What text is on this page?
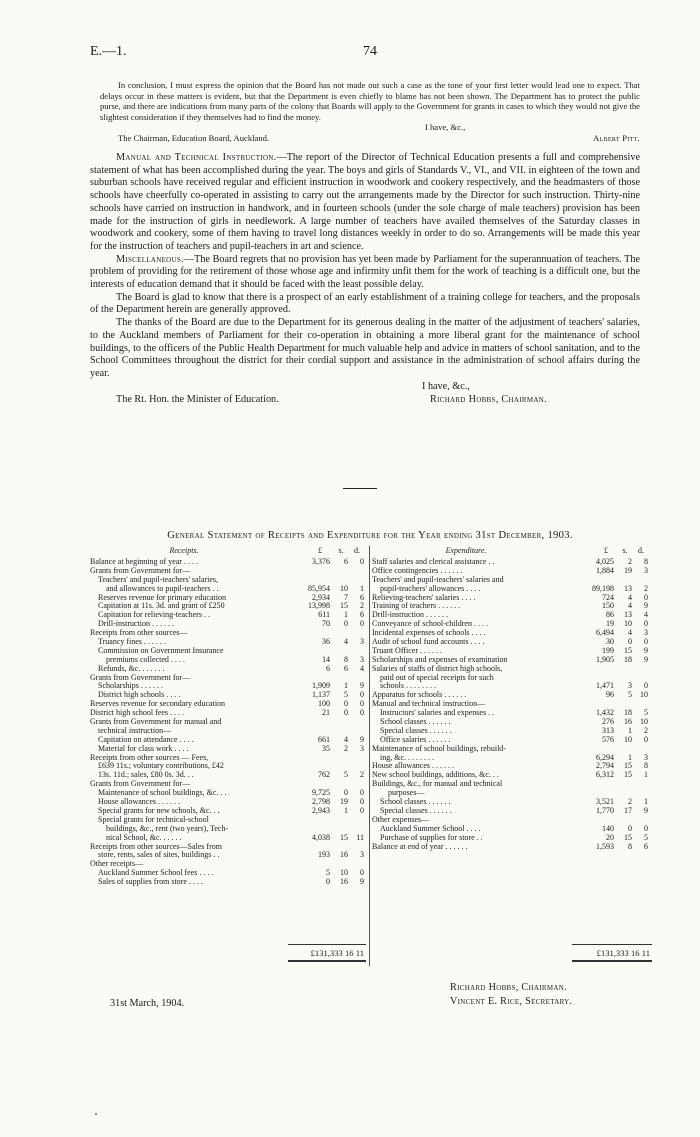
E.—1.	74

In conclusion, I must express the opinion that the Board has not made out such a case as the tone of your first letter would lead one to expect. That delays occur in these matters is evident, but that the Department is even chiefly to blame has not been shown. The Department has to protect the public purse, and there are indications from many parts of the colony that Boards will apply to the Government for grants in cases to which they would not give the slightest consideration if they themselves had to find the money.

I have, &c.,
The Chairman, Education Board, Auckland.	Albert Pitt.

Manual and Technical Instruction.—The report of the Director of Technical Education presents a full and comprehensive statement of what has been accomplished during the year. The boys and girls of Standards V., VI., and VII. in eighteen of the town and suburban schools have received regular and efficient instruction in woodwork and cookery respectively, and the headmasters of those schools have cheerfully co-operated in assisting to carry out the arrangements made by the Director for such instruction. Thirty-nine schools have carried on instruction in handwork, and in fourteen schools (under the sole charge of male teachers) provision has been made for the instruction of girls in needlework. A large number of teachers have availed themselves of the Saturday classes in woodwork and cookery, some of them having to travel long distances weekly in order to do so. Arrangements will be made this year for the instruction of teachers and pupil-teachers in art and science.

Miscellaneous.—The Board regrets that no provision has yet been made by Parliament for the superannuation of teachers. The problem of providing for the retirement of those whose age and infirmity unfit them for the work of teaching is a difficult one, but the interests of education demand that it should be faced with the least possible delay.

The Board is glad to know that there is a prospect of an early establishment of a training college for teachers, and the proposals of the Department herein are generally approved.

The thanks of the Board are due to the Department for its generous dealing in the matter of the adjustment of teachers' salaries, to the Auckland members of Parliament for their co-operation in obtaining a more liberal grant for the maintenance of school buildings, to the officers of the Public Health Department for much valuable help and advice in matters of school sanitation, and to the School Committees throughout the district for their cordial support and assistance in the administration of school affairs during the year.

I have, &c.,
The Rt. Hon. the Minister of Education.	Richard Hobbs, Chairman.
General Statement of Receipts and Expenditure for the Year ending 31st December, 1903.
Receipts.	£	s.	d.
Balance at beginning of year . . . .	3,376	6	0
Grants from Government for—
Teachers' and pupil-teachers' salaries,
and allowances to pupil-teachers . .	85,954	10	1
Reserves revenue for primary education	2,934	7	6
Capitation at 11s. 3d. and grant of £250	13,998	15	2
Capitation for relieving-teachers . .	611	1	6
Drill-instruction . . . . . .	70	0	0
Receipts from other sources—
Truancy fines . . . . . .	36	4	3
Commission on Government Insurance
premiums collected . . . .	14	8	3
Refunds, &c. . . . . . .	6	6	4
Grants from Government for—
Scholarships . . . . . .	1,909	1	9
District high schools . . . .	1,137	5	0
Reserves revenue for secondary education	100	0	0
District high school fees . . . .	21	0	0
Grants from Government for manual and
technical instruction—
Capitation on attendance . . . .	661	4	9
Material for class work . . . .	35	2	3
Receipts from other sources — Fees,
£639 11s.; voluntary contributions, £42
13s. 11d.; sales, £80 0s. 3d. . .	762	5	2
Grants from Government for—
Maintenance of school buildings, &c. . .	9,725	0	0
House allowances . . . . . .	2,798	19	0
Special grants for new schools, &c. . .	2,943	1	0
Special grants for technical-school
buildings, &c., rent (two years), Tech-
nical School, &c. . . . . .	4,038	15	11
Receipts from other sources—Sales from
store, rents, sales of sites, buildings . .	193	16	3
Other receipts—
Auckland Summer School fees . . . .	5	10	0
Sales of supplies from store . . . .	0	16	9
Expenditure.	£	s.	d.
Staff salaries and clerical assistance . .	4,025	2	8
Office contingencies . . . . . .	1,884	19	3
Teachers' and pupil-teachers' salaries and
pupil-teachers' allowances . . . .	89,198	13	2
Relieving-teachers' salaries . . . .	724	4	0
Training of teachers . . . . . .	150	4	9
Drill-instruction . . . . . .	86	13	4
Conveyance of school-children . . . .	19	10	0
Incidental expenses of schools . . . .	6,494	4	3
Audit of school fund accounts . . . .	30	0	0
Truant Officer . . . . . .	199	15	9
Scholarships and expenses of examination	1,905	18	9
Salaries of staffs of district high schools,
paid out of special receipts for such
schools . . . . . . . .	1,471	3	0
Apparatus for schools . . . . . .	96	5	10
Manual and technical instruction—
Instructors' salaries and expenses . .	1,432	18	5
School classes . . . . . .	276	16	10
Special classes . . . . . .	313	1	2
Office salaries . . . . . .	576	10	0
Maintenance of school buildings, rebuild-
ing, &c. . . . . . . .	6,294	1	3
House allowances . . . . . .	2,794	15	8
New school buildings, additions, &c. . .	6,312	15	1
Buildings, &c., for manual and technical
purposes—
School classes . . . . . .	3,521	2	1
Special classes . . . . . .	1,770	17	9
Other expenses—
Auckland Summer School . . . .	140	0	0
Purchase of supplies for store . .	20	15	5
Balance at end of year . . . . . .	1,593	8	6
£131,333 16 11	£131,333 16 11
31st March, 1904.
Richard Hobbs, Chairman.
Vincent E. Rice, Secretary.
